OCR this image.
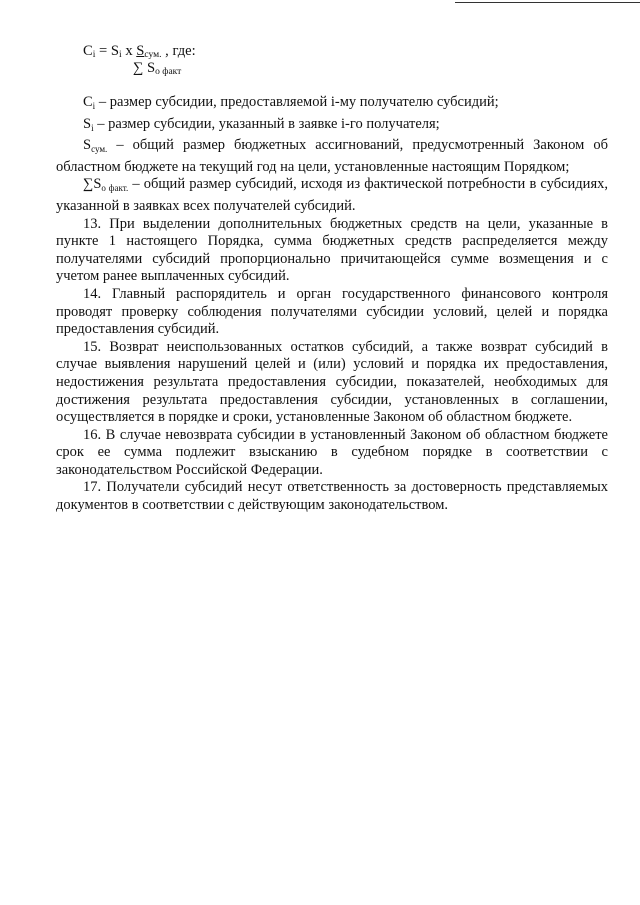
$C_i = S_i$ x $S_{сум.}$ , где:
∑ $S_{о факт}$

$C_i$ – размер субсидии, предоставляемой i-му получателю субсидий;

$S_i$ – размер субсидии, указанный в заявке i-го получателя;

$S_{сум.}$ – общий размер бюджетных ассигнований, предусмотренный Законом об областном бюджете на текущий год на цели, установленные настоящим Порядком;

$\sum S_{о факт.}$ – общий размер субсидий, исходя из фактической потребности в субсидиях, указанной в заявках всех получателей субсидий.

13. При выделении дополнительных бюджетных средств на цели, указанные в пункте 1 настоящего Порядка, сумма бюджетных средств распределяется между получателями субсидий пропорционально причитающейся сумме возмещения и с учетом ранее выплаченных субсидий.

14. Главный распорядитель и орган государственного финансового контроля проводят проверку соблюдения получателями субсидии условий, целей и порядка предоставления субсидий.

15. Возврат неиспользованных остатков субсидий, а также возврат субсидий в случае выявления нарушений целей и (или) условий и порядка их предоставления, недостижения результата предоставления субсидии, показателей, необходимых для достижения результата предоставления субсидии, установленных в соглашении, осуществляется в порядке и сроки, установленные Законом об областном бюджете.

16. В случае невозврата субсидии в установленный Законом об областном бюджете срок ее сумма подлежит взысканию в судебном порядке в соответствии с законодательством Российской Федерации.

17. Получатели субсидий несут ответственность за достоверность представляемых документов в соответствии с действующим законодательством.
